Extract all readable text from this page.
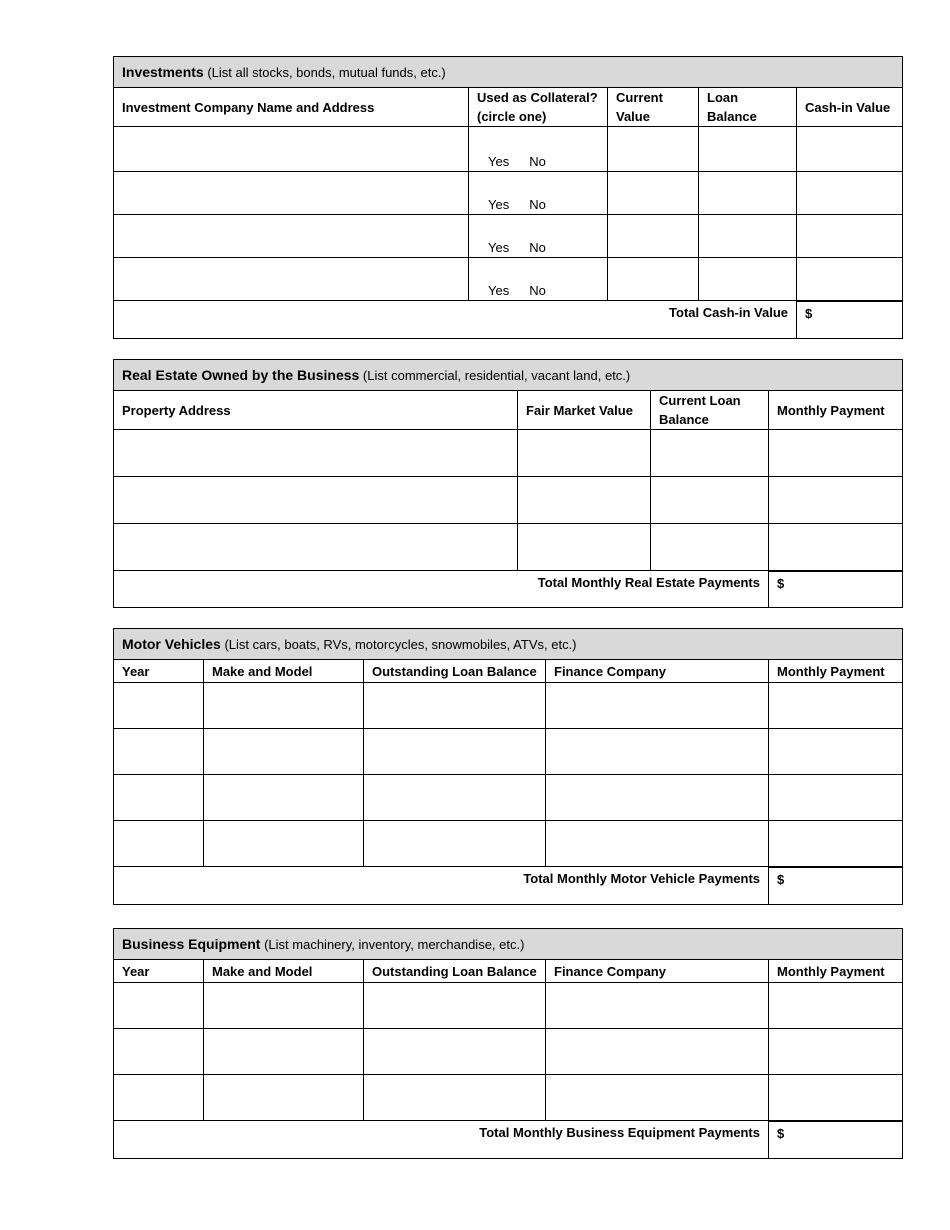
Investments (List all stocks, bonds, mutual funds, etc.)				
Investment Company Name and Address	Used as Collateral? (circle one)	Current Value	Loan Balance	Cash-in Value
	Yes No			
	Yes No			
	Yes No			
	Yes No			
Total Cash-in Value				$
Real Estate Owned by the Business (List commercial, residential, vacant land, etc.)			
Property Address	Fair Market Value	Current Loan Balance	Monthly Payment

Total Monthly Real Estate Payments			$
Motor Vehicles (List cars, boats, RVs, motorcycles, snowmobiles, ATVs, etc.)				
Year	Make and Model	Outstanding Loan Balance	Finance Company	Monthly Payment

Total Monthly Motor Vehicle Payments				$
Business Equipment (List machinery, inventory, merchandise, etc.)				
Year	Make and Model	Outstanding Loan Balance	Finance Company	Monthly Payment

Total Monthly Business Equipment Payments				$
